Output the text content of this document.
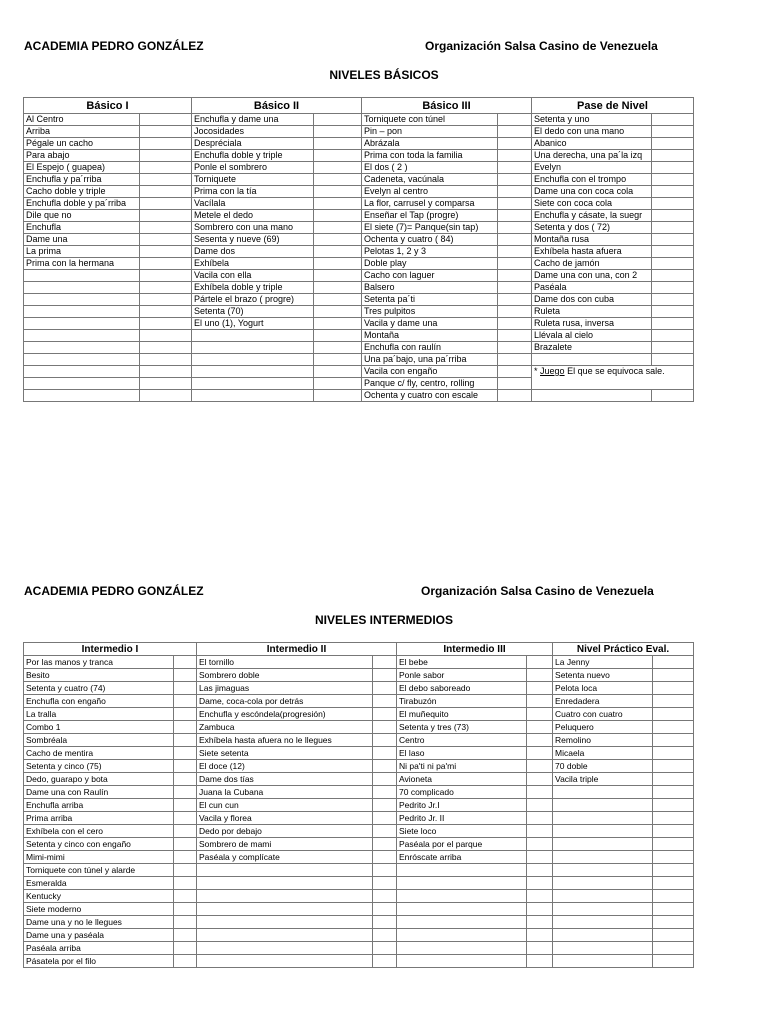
ACADEMIA PEDRO GONZÁLEZ	Organización Salsa Casino de Venezuela
NIVELES BÁSICOS
Básico I		Básico II		Básico III		Pase de Nivel	
Al Centro		Enchufla y dame una		Torniquete con túnel		Setenta y uno	
Arriba		Jocosidades		Pin – pon		El dedo con una mano	
Pégale un cacho		Despréciala		Abrázala		Abanico	
Para abajo		Enchufla doble y triple		Prima con toda la familia		Una derecha, una pa´la izq	
El Espejo ( guapea)		Ponle el sombrero		El dos ( 2 )		Evelyn	
Enchufla y pa´rriba		Torniquete		Cadeneta, vacúnala		Enchufla con el trompo	
Cacho doble y triple		Prima con la tía		Evelyn al centro		Dame una con coca cola	
Enchufla doble y pa´rriba		Vacílala		La flor, carrusel y comparsa		Siete con coca cola	
Dile que no		Metele el dedo		Enseñar el Tap (progre)		Enchufla y cásate, la suegr	
Enchufla		Sombrero con una mano		El siete (7)= Panque(sin tap)		Setenta y dos ( 72)	
Dame una		Sesenta y nueve (69)		Ochenta y cuatro ( 84)		Montaña rusa	
La prima		Dame dos		Pelotas 1, 2 y 3		Exhíbela hasta afuera	
Prima con la hermana		Exhíbela		Doble play		Cacho de jamón	
		Vacila con ella		Cacho con laguer		Dame una con una, con 2	
		Exhíbela doble y triple		Balsero		Paséala	
		Pártele el brazo ( progre)		Setenta pa´ti		Dame dos con cuba	
		Setenta (70)		Tres pulpitos		Ruleta	
		El uno (1), Yogurt		Vacila y dame una		Ruleta rusa, inversa	
				Montaña		Llévala al cielo	
				Enchufla con raulín		Brazalete	
				Una pa´bajo, una pa´rriba			
				Vacila con engaño		* Juego El que se equivoca sale.	
				Panque c/ fly, centro, rolling			
				Ochenta y cuatro con escale			
ACADEMIA PEDRO GONZÁLEZ	Organización Salsa Casino de Venezuela
NIVELES INTERMEDIOS
Intermedio I		Intermedio II		Intermedio III		Nivel Práctico Eval.	
Por las manos y tranca		El tornillo		El bebe		La Jenny	
Besito		Sombrero doble		Ponle sabor		Setenta nuevo	
Setenta y cuatro (74)		Las jimaguas		El debo saboreado		Pelota loca	
Enchufla con engaño		Dame, coca-cola por detrás		Tirabuzón		Enredadera	
La tralla		Enchufla y escóndela(progresión)		El muñequito		Cuatro con cuatro	
Combo 1		Zambuca		Setenta y tres (73)		Peluquero	
Sombréala		Exhíbela hasta afuera no le llegues		Centro		Remolino	
Cacho de mentira		Siete setenta		El laso		Micaela	
Setenta y cinco (75)		El doce (12)		Ni pa'ti ni pa'mi		70 doble	
Dedo, guarapo y bota		Dame dos tías		Avioneta		Vacila triple	
Dame una con Raulín		Juana la Cubana		70 complicado			
Enchufla arriba		El cun cun		Pedrito Jr.I			
Prima arriba		Vacila y florea		Pedrito Jr. II			
Exhíbela con el cero		Dedo por debajo		Siete loco			
Setenta y cinco con engaño		Sombrero de mami		Paséala por el parque			
Mimi-mimi		Paséala y complícate		Enróscate arriba			
Torniquete con túnel y alarde							
Esmeralda							
Kentucky							
Siete moderno							
Dame una y no le llegues							
Dame una y paséala							
Paséala arriba							
Pásatela por el filo							
